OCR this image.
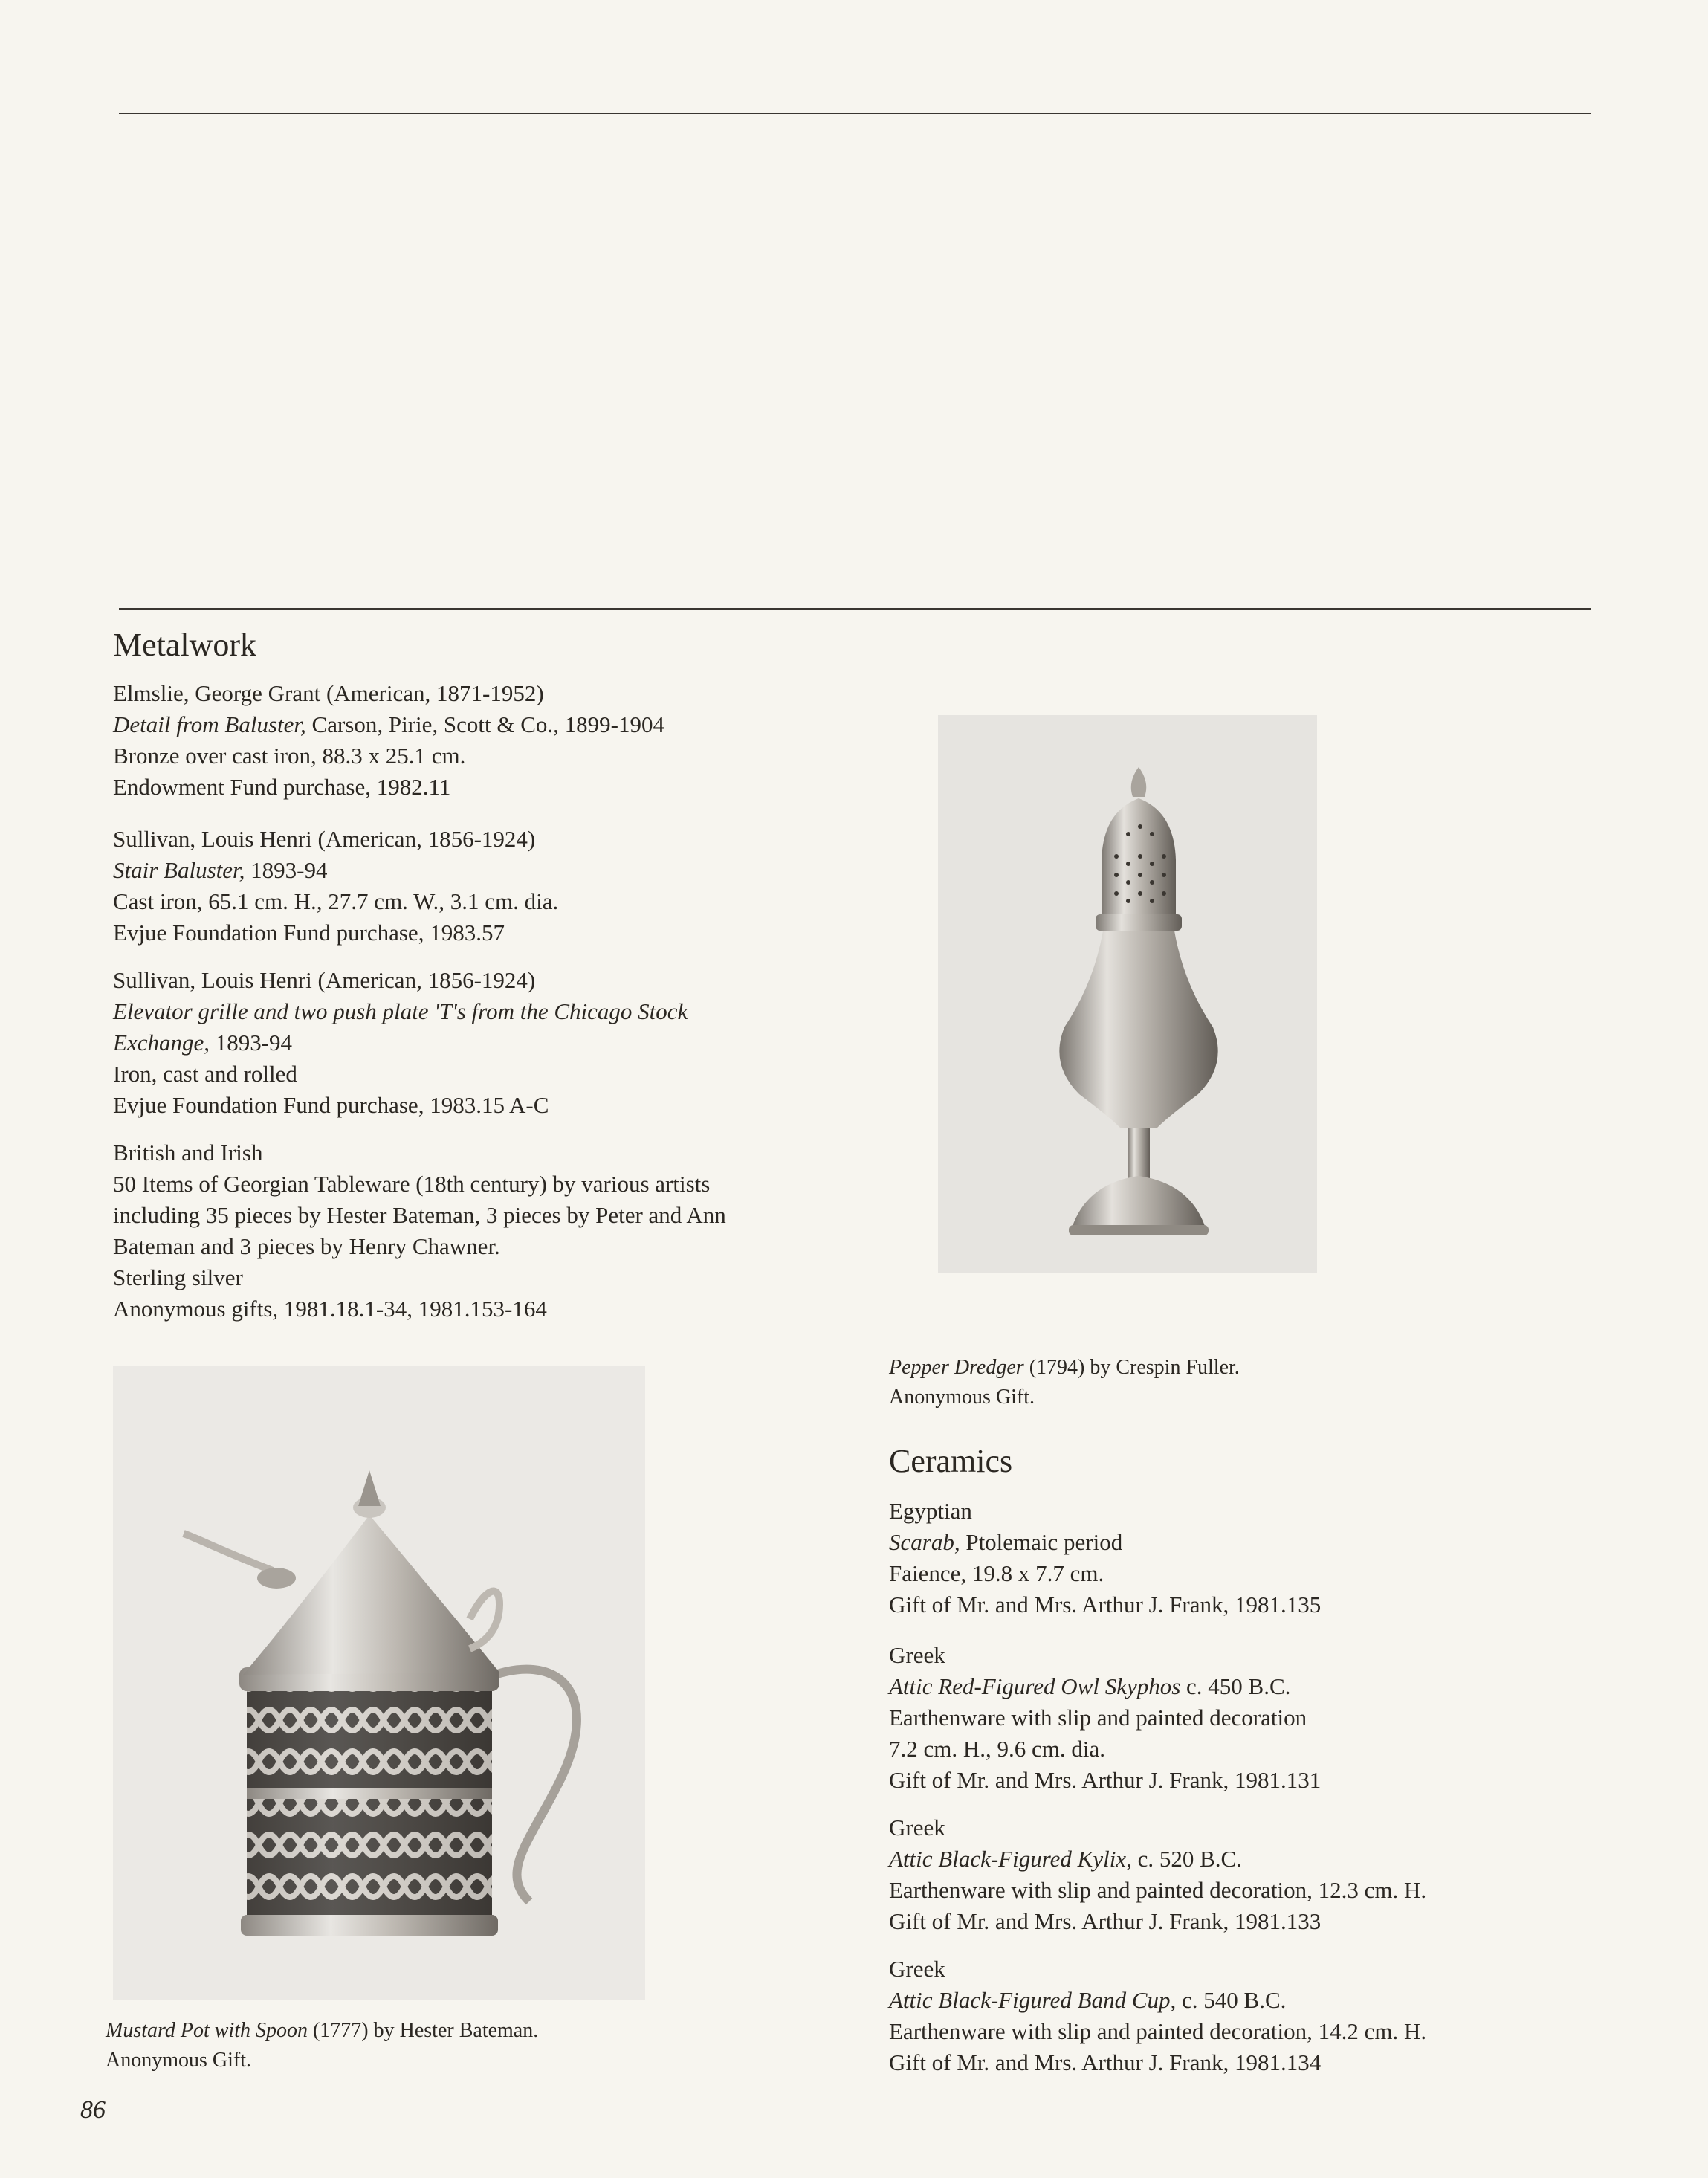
Metalwork
Elmslie, George Grant (American, 1871-1952)
Detail from Baluster, Carson, Pirie, Scott & Co., 1899-1904
Bronze over cast iron, 88.3 x 25.1 cm.
Endowment Fund purchase, 1982.11
Sullivan, Louis Henri (American, 1856-1924)
Stair Baluster, 1893-94
Cast iron, 65.1 cm. H., 27.7 cm. W., 3.1 cm. dia.
Evjue Foundation Fund purchase, 1983.57
Sullivan, Louis Henri (American, 1856-1924)
Elevator grille and two push plate 'T's from the Chicago Stock
Exchange, 1893-94
Iron, cast and rolled
Evjue Foundation Fund purchase, 1983.15 A-C
British and Irish
50 Items of Georgian Tableware (18th century) by various artists
including 35 pieces by Hester Bateman, 3 pieces by Peter and Ann
Bateman and 3 pieces by Henry Chawner.
Sterling silver
Anonymous gifts, 1981.18.1-34, 1981.153-164
Mustard Pot with Spoon (1777) by Hester Bateman.
Anonymous Gift.
Pepper Dredger (1794) by Crespin Fuller.
Anonymous Gift.
Ceramics
Egyptian
Scarab, Ptolemaic period
Faience, 19.8 x 7.7 cm.
Gift of Mr. and Mrs. Arthur J. Frank, 1981.135
Greek
Attic Red-Figured Owl Skyphos c. 450 B.C.
Earthenware with slip and painted decoration
7.2 cm. H., 9.6 cm. dia.
Gift of Mr. and Mrs. Arthur J. Frank, 1981.131
Greek
Attic Black-Figured Kylix, c. 520 B.C.
Earthenware with slip and painted decoration, 12.3 cm. H.
Gift of Mr. and Mrs. Arthur J. Frank, 1981.133
Greek
Attic Black-Figured Band Cup, c. 540 B.C.
Earthenware with slip and painted decoration, 14.2 cm. H.
Gift of Mr. and Mrs. Arthur J. Frank, 1981.134
86
